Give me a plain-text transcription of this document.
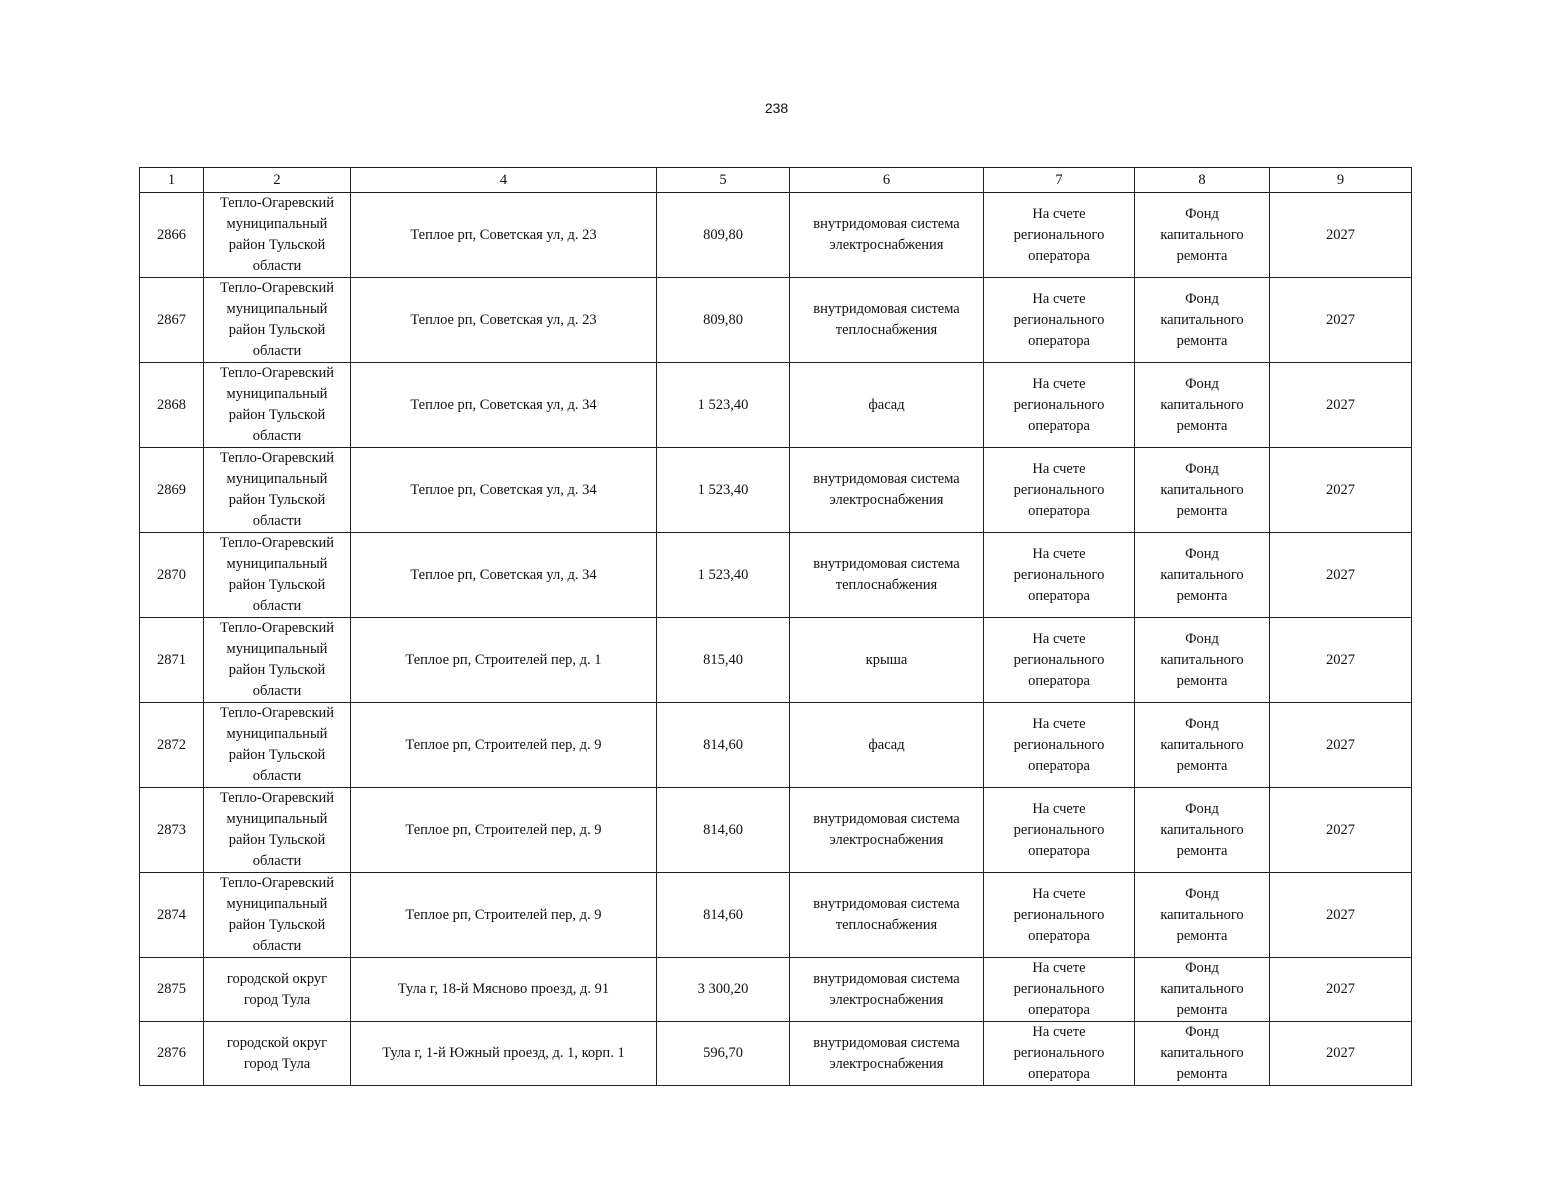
238
1	2	4	5	6	7	8	9
2866	Тепло-Огаревский
муниципальный
район Тульской
области	Теплое рп, Советская ул, д. 23	809,80	внутридомовая система
электроснабжения	На счете
регионального
оператора	Фонд
капитального
ремонта	2027
2867	Тепло-Огаревский
муниципальный
район Тульской
области	Теплое рп, Советская ул, д. 23	809,80	внутридомовая система
теплоснабжения	На счете
регионального
оператора	Фонд
капитального
ремонта	2027
2868	Тепло-Огаревский
муниципальный
район Тульской
области	Теплое рп, Советская ул, д. 34	1 523,40	фасад	На счете
регионального
оператора	Фонд
капитального
ремонта	2027
2869	Тепло-Огаревский
муниципальный
район Тульской
области	Теплое рп, Советская ул, д. 34	1 523,40	внутридомовая система
электроснабжения	На счете
регионального
оператора	Фонд
капитального
ремонта	2027
2870	Тепло-Огаревский
муниципальный
район Тульской
области	Теплое рп, Советская ул, д. 34	1 523,40	внутридомовая система
теплоснабжения	На счете
регионального
оператора	Фонд
капитального
ремонта	2027
2871	Тепло-Огаревский
муниципальный
район Тульской
области	Теплое рп, Строителей пер, д. 1	815,40	крыша	На счете
регионального
оператора	Фонд
капитального
ремонта	2027
2872	Тепло-Огаревский
муниципальный
район Тульской
области	Теплое рп, Строителей пер, д. 9	814,60	фасад	На счете
регионального
оператора	Фонд
капитального
ремонта	2027
2873	Тепло-Огаревский
муниципальный
район Тульской
области	Теплое рп, Строителей пер, д. 9	814,60	внутридомовая система
электроснабжения	На счете
регионального
оператора	Фонд
капитального
ремонта	2027
2874	Тепло-Огаревский
муниципальный
район Тульской
области	Теплое рп, Строителей пер, д. 9	814,60	внутридомовая система
теплоснабжения	На счете
регионального
оператора	Фонд
капитального
ремонта	2027
2875	городской округ
город Тула	Тула г, 18-й Мясново проезд, д. 91	3 300,20	внутридомовая система
электроснабжения	На счете
регионального
оператора	Фонд
капитального
ремонта	2027
2876	городской округ
город Тула	Тула г, 1-й Южный проезд, д. 1, корп. 1	596,70	внутридомовая система
электроснабжения	На счете
регионального
оператора	Фонд
капитального
ремонта	2027
